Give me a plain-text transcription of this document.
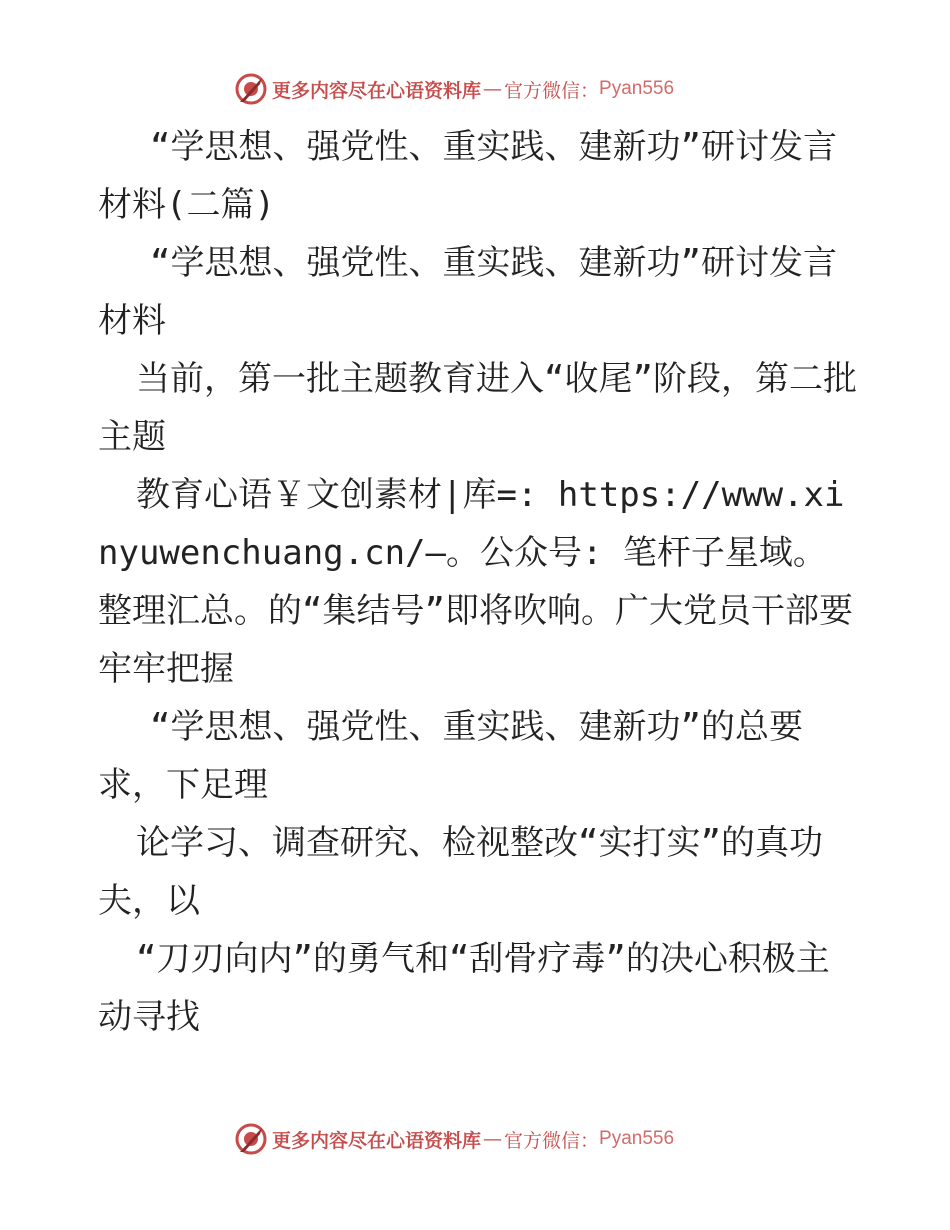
更多内容尽在心语资料库 — 官方微信： Pyan556

“学思想、强党性、重实践、建新功”研讨发言材料(二篇)

“学思想、强党性、重实践、建新功”研讨发言材料

当前，第一批主题教育进入“收尾”阶段，第二批主题

教育心语￥文创素材|库=: https://www.xinyuwenchuang.cn/—。公众号: 笔杆子星域。整理汇总。的“集结号”即将吹响。广大党员干部要牢牢把握

“学思想、强党性、重实践、建新功”的总要求，下足理

论学习、调查研究、检视整改“实打实”的真功夫，以

“刀刃向内”的勇气和“刮骨疗毒”的决心积极主动寻找

更多内容尽在心语资料库 — 官方微信： Pyan556
